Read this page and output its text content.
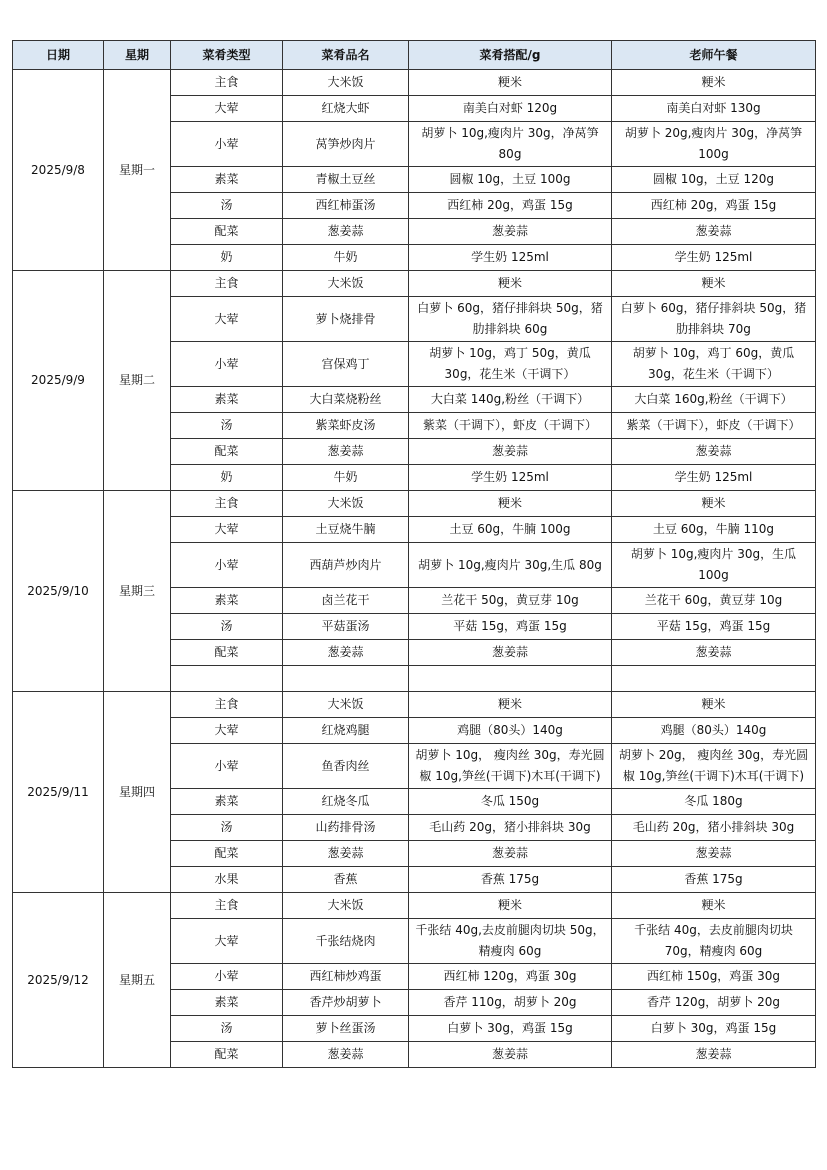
日期	星期	菜肴类型	菜肴品名	菜肴搭配/g	老师午餐
2025/9/8	星期一	主食	大米饭	粳米	粳米
		大荤	红烧大虾	南美白对虾 120g	南美白对虾 130g
		小荤	莴笋炒肉片	胡萝卜 10g,瘦肉片 30g，净莴笋 80g	胡萝卜 20g,瘦肉片 30g，净莴笋 100g
		素菜	青椒土豆丝	圆椒 10g，土豆 100g	圆椒 10g，土豆 120g
		汤	西红柿蛋汤	西红柿 20g，鸡蛋 15g	西红柿 20g，鸡蛋 15g
		配菜	葱姜蒜	葱姜蒜	葱姜蒜
		奶	牛奶	学生奶 125ml	学生奶 125ml
2025/9/9	星期二	主食	大米饭	粳米	粳米
		大荤	萝卜烧排骨	白萝卜 60g，猪仔排斜块 50g，猪肋排斜块 60g	白萝卜 60g，猪仔排斜块 50g，猪肋排斜块 70g
		小荤	宫保鸡丁	胡萝卜 10g，鸡丁 50g，黄瓜 30g，花生米（干调下）	胡萝卜 10g，鸡丁 60g，黄瓜 30g，花生米（干调下）
		素菜	大白菜烧粉丝	大白菜 140g,粉丝（干调下）	大白菜 160g,粉丝（干调下）
		汤	紫菜虾皮汤	紫菜（干调下），虾皮（干调下）	紫菜（干调下），虾皮（干调下）
		配菜	葱姜蒜	葱姜蒜	葱姜蒜
		奶	牛奶	学生奶 125ml	学生奶 125ml
2025/9/10	星期三	主食	大米饭	粳米	粳米
		大荤	土豆烧牛腩	土豆 60g，牛腩 100g	土豆 60g，牛腩 110g
		小荤	西葫芦炒肉片	胡萝卜 10g,瘦肉片 30g,生瓜 80g	胡萝卜 10g,瘦肉片 30g，生瓜 100g
		素菜	卤兰花干	兰花干 50g，黄豆芽 10g	兰花干 60g，黄豆芽 10g
		汤	平菇蛋汤	平菇 15g，鸡蛋 15g	平菇 15g，鸡蛋 15g
		配菜	葱姜蒜	葱姜蒜	葱姜蒜

2025/9/11	星期四	主食	大米饭	粳米	粳米
		大荤	红烧鸡腿	鸡腿（80头）140g	鸡腿（80头）140g
		小荤	鱼香肉丝	胡萝卜 10g， 瘦肉丝 30g，寿光圆椒 10g,笋丝(干调下)木耳(干调下)	胡萝卜 20g， 瘦肉丝 30g，寿光圆椒 10g,笋丝(干调下)木耳(干调下)
		素菜	红烧冬瓜	冬瓜 150g	冬瓜 180g
		汤	山药排骨汤	毛山药 20g，猪小排斜块 30g	毛山药 20g，猪小排斜块 30g
		配菜	葱姜蒜	葱姜蒜	葱姜蒜
		水果	香蕉	香蕉 175g	香蕉 175g
2025/9/12	星期五	主食	大米饭	粳米	粳米
		大荤	千张结烧肉	千张结 40g,去皮前腿肉切块 50g，精瘦肉 60g	千张结 40g，去皮前腿肉切块 70g，精瘦肉 60g
		小荤	西红柿炒鸡蛋	西红柿 120g，鸡蛋 30g	西红柿 150g，鸡蛋 30g
		素菜	香芹炒胡萝卜	香芹 110g，胡萝卜 20g	香芹 120g，胡萝卜 20g
		汤	萝卜丝蛋汤	白萝卜 30g，鸡蛋 15g	白萝卜 30g，鸡蛋 15g
		配菜	葱姜蒜	葱姜蒜	葱姜蒜
